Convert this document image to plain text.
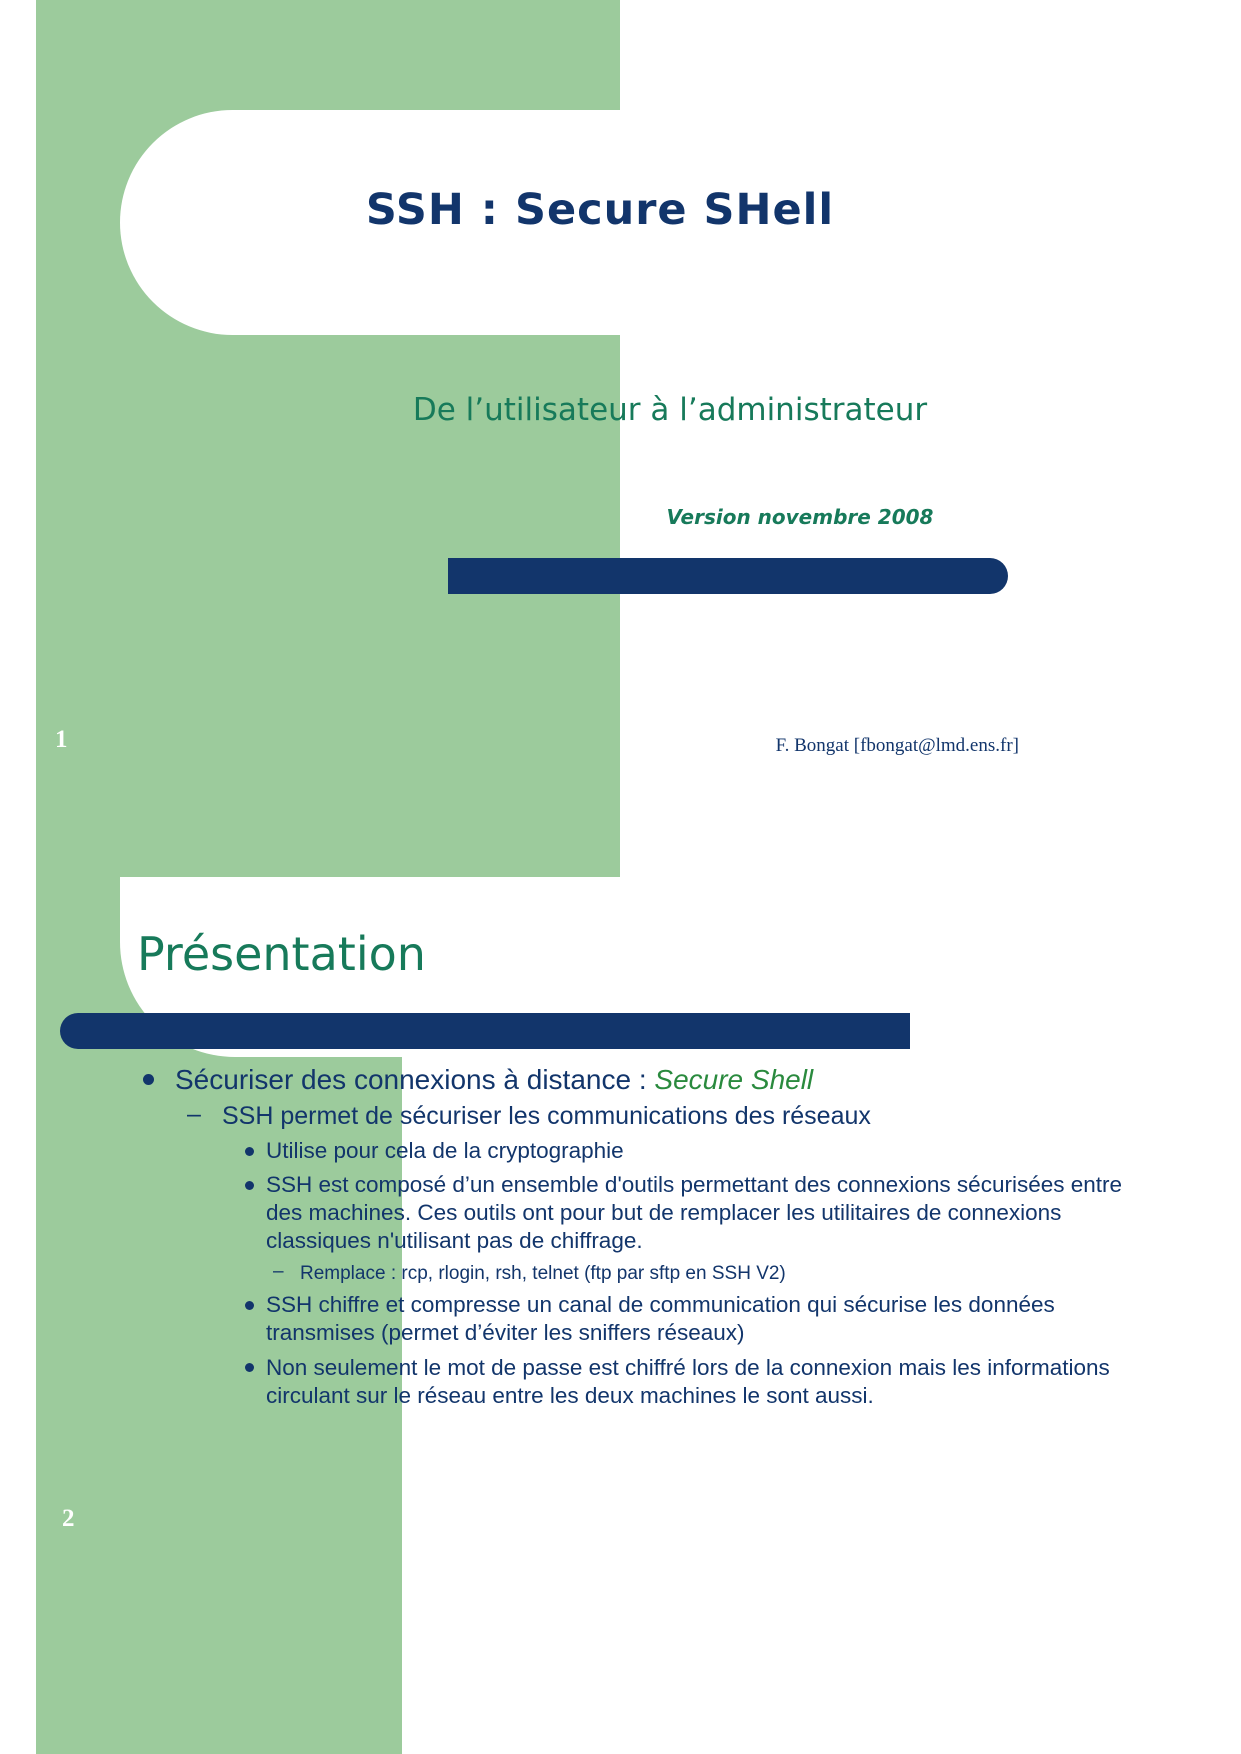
SSH : Secure SHell
De l’utilisateur à l’administrateur
Version novembre 2008
F. Bongat [fbongat@lmd.ens.fr]
1
Présentation
Sécuriser des connexions à distance : Secure Shell
– SSH permet de sécuriser les communications des réseaux
Utilise pour cela de la cryptographie
SSH est composé d’un ensemble d'outils permettant des connexions sécurisées entre des machines. Ces outils ont pour but de remplacer les utilitaires de connexions classiques n'utilisant pas de chiffrage.
– Remplace : rcp, rlogin, rsh, telnet (ftp par sftp en SSH V2)
SSH chiffre et compresse un canal de communication qui sécurise les données transmises (permet d’éviter les sniffers réseaux)
Non seulement le mot de passe est chiffré lors de la connexion mais les informations circulant sur le réseau entre les deux machines le sont aussi.
2
